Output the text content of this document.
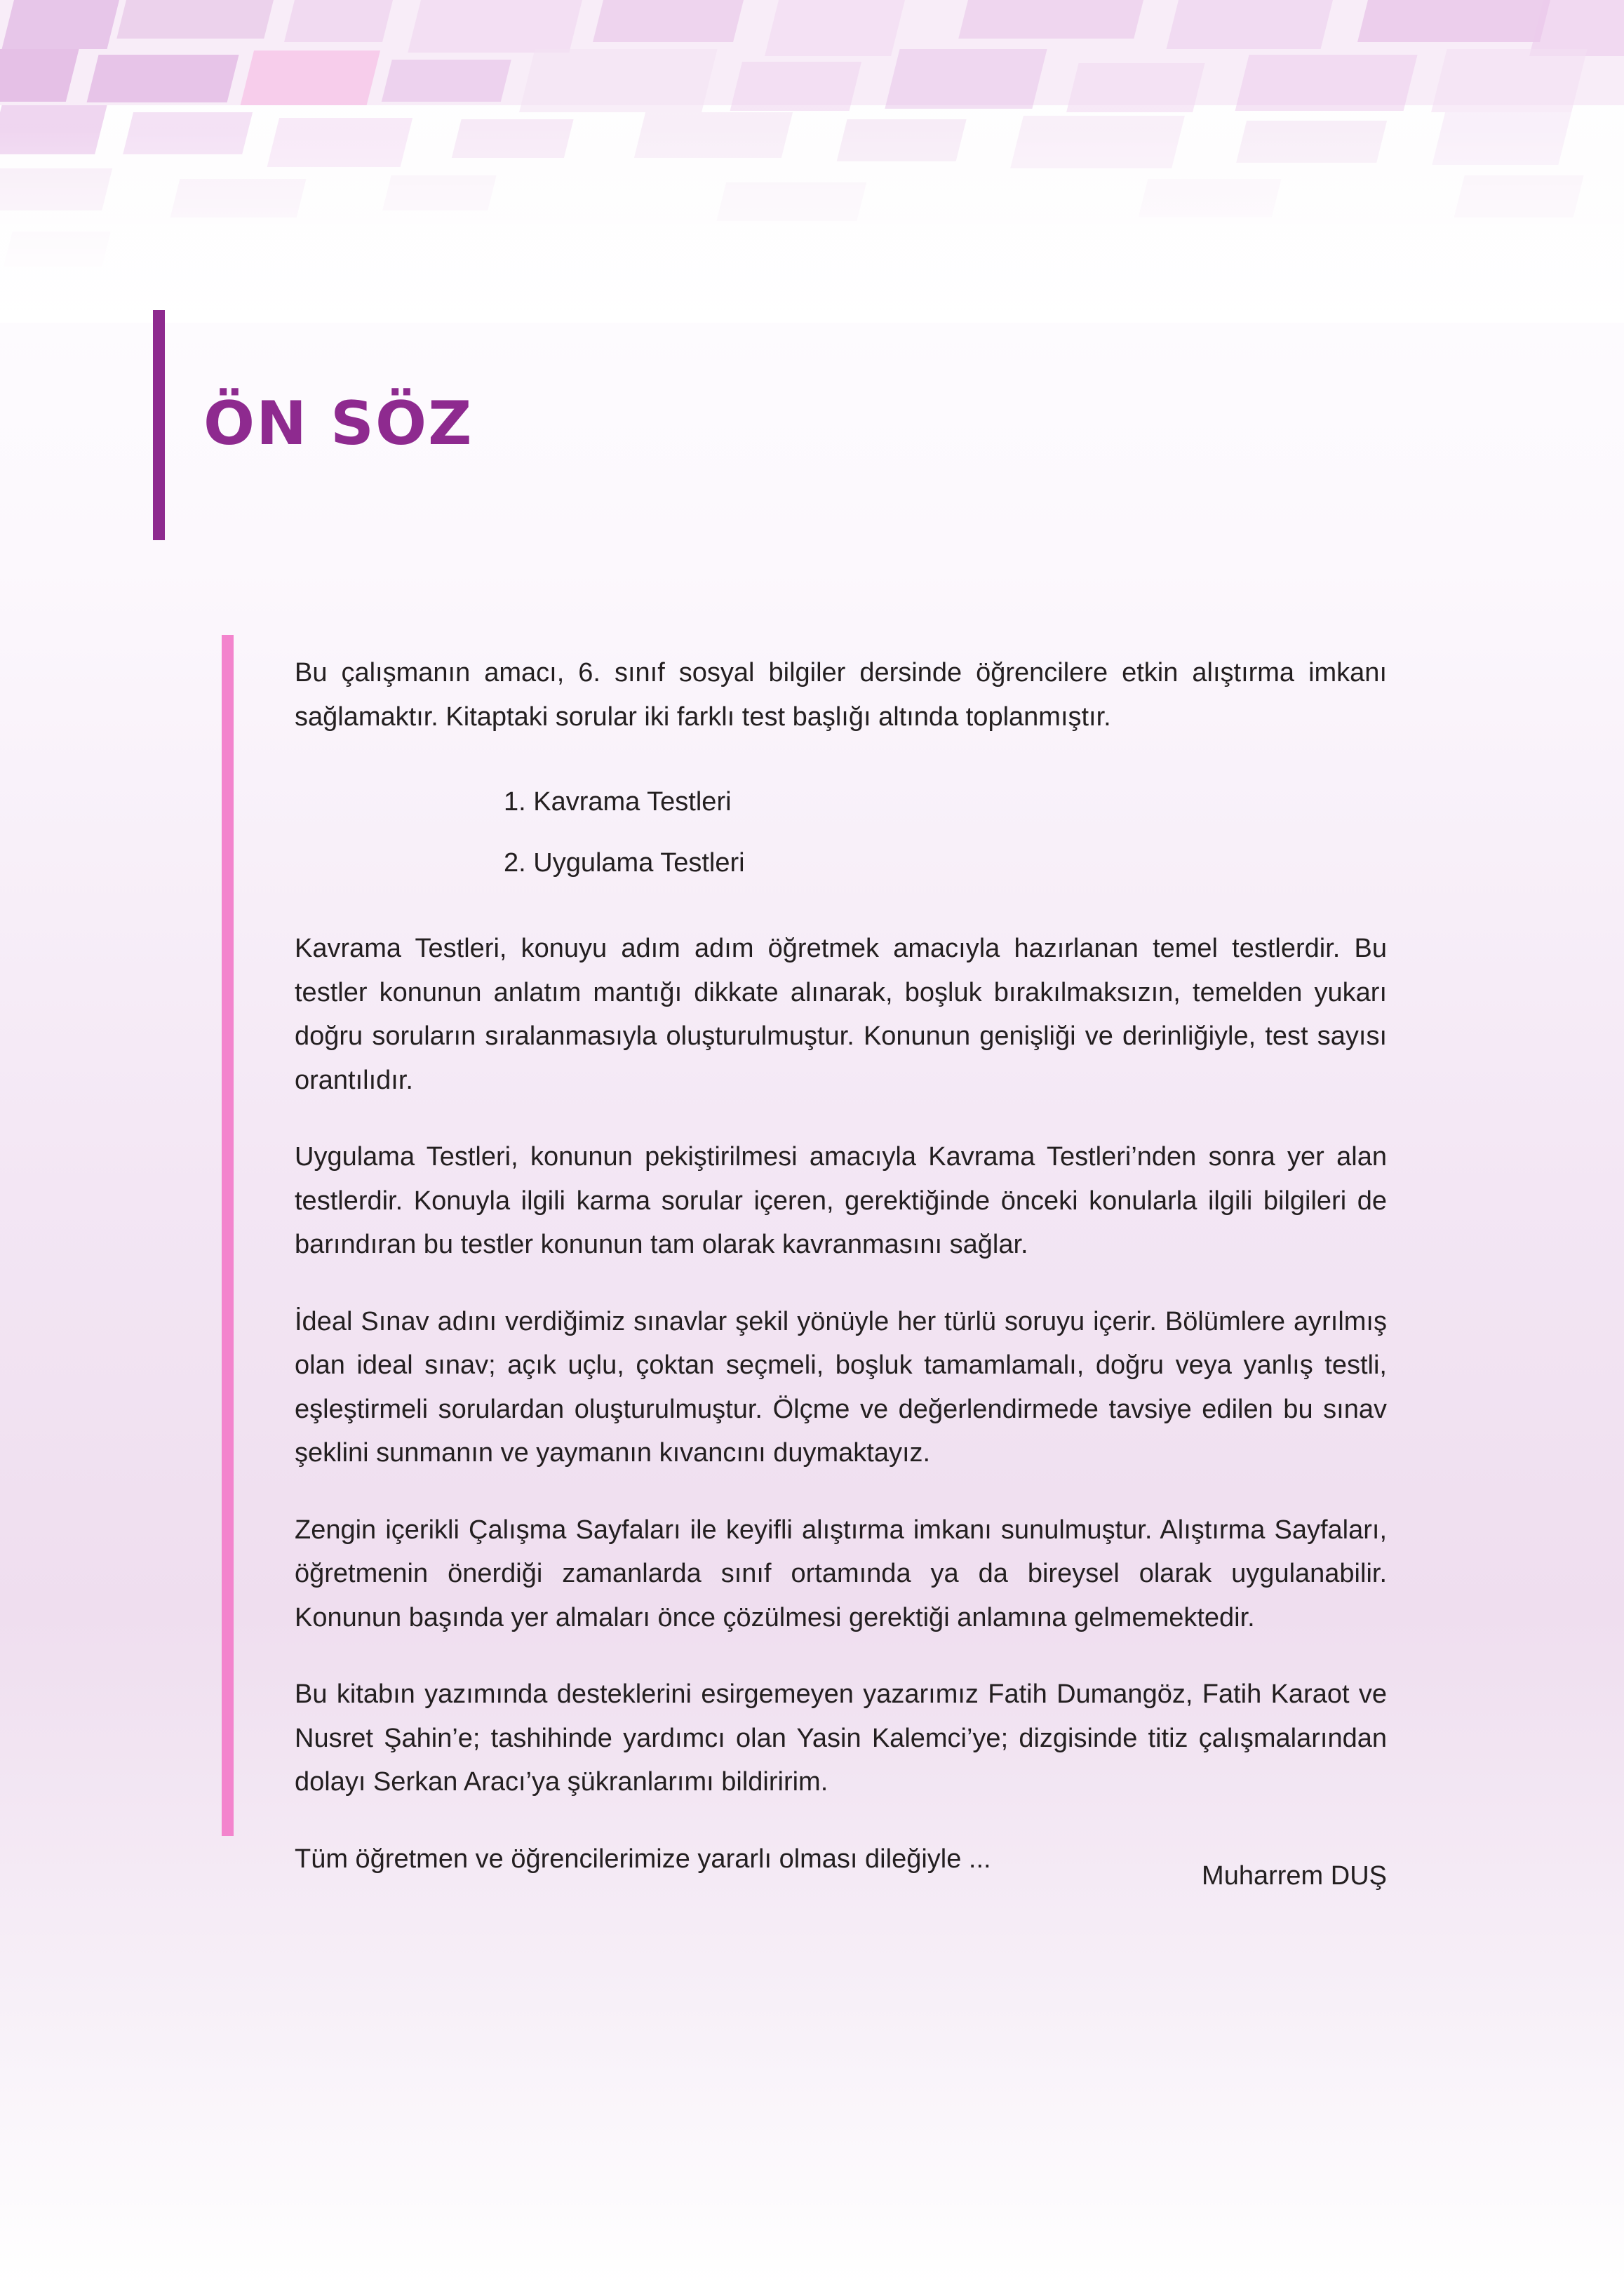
ÖN SÖZ

Bu çalışmanın amacı, 6. sınıf sosyal bilgiler dersinde öğrencilere etkin alıştırma imkanı sağlamaktır. Kitaptaki sorular iki farklı test başlığı altında toplanmıştır.

1. Kavrama Testleri
2. Uygulama Testleri

Kavrama Testleri, konuyu adım adım öğretmek amacıyla hazırlanan temel testlerdir. Bu testler konunun anlatım mantığı dikkate alınarak, boşluk bırakılmaksızın, temelden yukarı doğru soruların sıralanmasıyla oluşturulmuştur. Konunun genişliği ve derinliğiyle, test sayısı orantılıdır.

Uygulama Testleri, konunun pekiştirilmesi amacıyla Kavrama Testleri’nden sonra yer alan testlerdir. Konuyla ilgili karma sorular içeren, gerektiğinde önceki konularla ilgili bilgileri de barındıran bu testler konunun tam olarak kavranmasını sağlar.

İdeal Sınav adını verdiğimiz sınavlar şekil yönüyle her türlü soruyu içerir. Bölümlere ayrılmış olan ideal sınav; açık uçlu, çoktan seçmeli, boşluk tamamlamalı, doğru veya yanlış testli, eşleştirmeli sorulardan oluşturulmuştur. Ölçme ve değerlendirmede tavsiye edilen bu sınav şeklini sunmanın ve yaymanın kıvancını duymaktayız.

Zengin içerikli Çalışma Sayfaları ile keyifli alıştırma imkanı sunulmuştur. Alıştırma Sayfaları, öğretmenin önerdiği zamanlarda sınıf ortamında ya da bireysel olarak uygulanabilir. Konunun başında yer almaları önce çözülmesi gerektiği anlamına gelmemektedir.

Bu kitabın yazımında desteklerini esirgemeyen yazarımız Fatih Dumangöz, Fatih Karaot ve Nusret Şahin’e; tashihinde yardımcı olan Yasin Kalemci’ye; dizgisinde titiz çalışmalarından dolayı Serkan Aracı’ya şükranlarımı bildiririm.

Tüm öğretmen ve öğrencilerimize yararlı olması dileğiyle ...

Muharrem DUŞ
